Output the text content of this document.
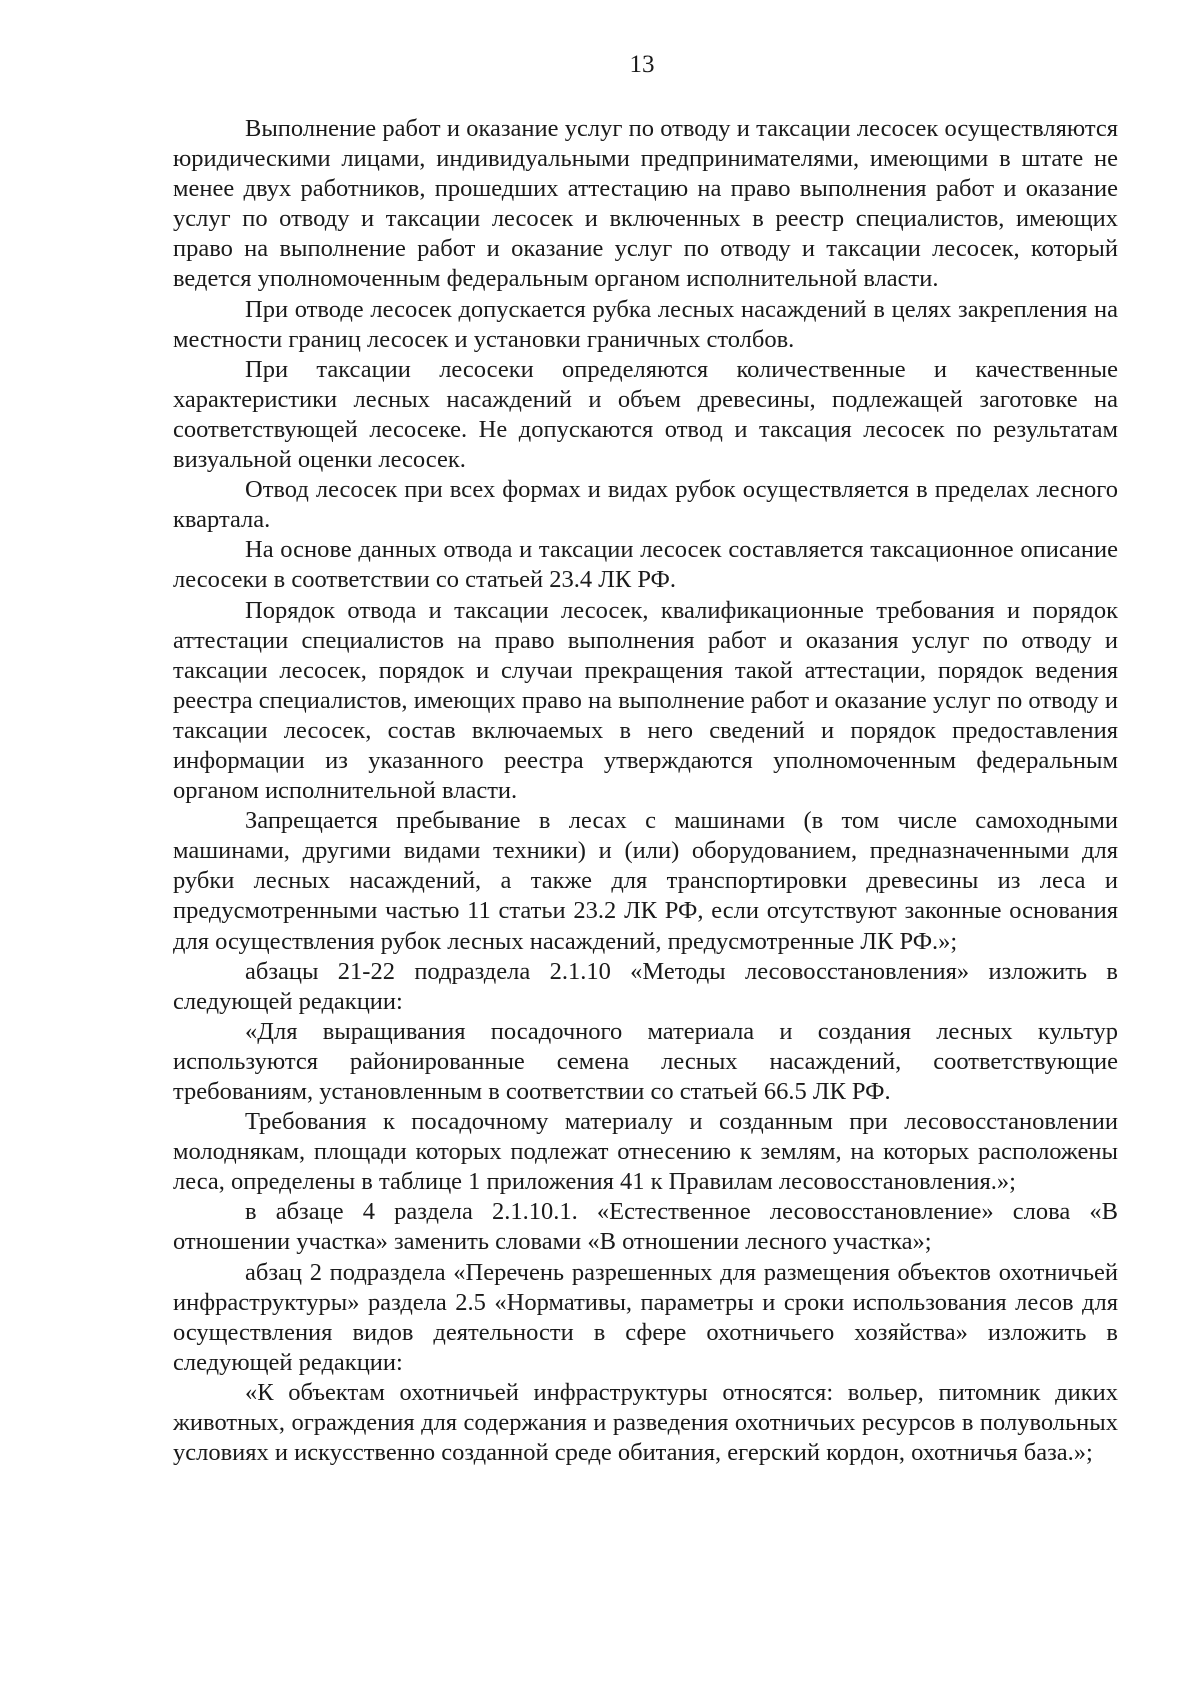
13

Выполнение работ и оказание услуг по отводу и таксации лесосек осуществляются юридическими лицами, индивидуальными предпринимателями, имеющими в штате не менее двух работников, прошедших аттестацию на право выполнения работ и оказание услуг по отводу и таксации лесосек и включенных в реестр специалистов, имеющих право на выполнение работ и оказание услуг по отводу и таксации лесосек, который ведется уполномоченным федеральным органом исполнительной власти.

При отводе лесосек допускается рубка лесных насаждений в целях закрепления на местности границ лесосек и установки граничных столбов.

При таксации лесосеки определяются количественные и качественные характеристики лесных насаждений и объем древесины, подлежащей заготовке на соответствующей лесосеке. Не допускаются отвод и таксация лесосек по результатам визуальной оценки лесосек.

Отвод лесосек при всех формах и видах рубок осуществляется в пределах лесного квартала.

На основе данных отвода и таксации лесосек составляется таксационное описание лесосеки в соответствии со статьей 23.4 ЛК РФ.

Порядок отвода и таксации лесосек, квалификационные требования и порядок аттестации специалистов на право выполнения работ и оказания услуг по отводу и таксации лесосек, порядок и случаи прекращения такой аттестации, порядок ведения реестра специалистов, имеющих право на выполнение работ и оказание услуг по отводу и таксации лесосек, состав включаемых в него сведений и порядок предоставления информации из указанного реестра утверждаются уполномоченным федеральным органом исполнительной власти.

Запрещается пребывание в лесах с машинами (в том числе самоходными машинами, другими видами техники) и (или) оборудованием, предназначенными для рубки лесных насаждений, а также для транспортировки древесины из леса и предусмотренными частью 11 статьи 23.2 ЛК РФ, если отсутствуют законные основания для осуществления рубок лесных насаждений, предусмотренные ЛК РФ.»;

абзацы 21-22 подраздела 2.1.10 «Методы лесовосстановления» изложить в следующей редакции:

«Для выращивания посадочного материала и создания лесных культур используются районированные семена лесных насаждений, соответствующие требованиям, установленным в соответствии со статьей 66.5 ЛК РФ.

Требования к посадочному материалу и созданным при лесовосстановлении молоднякам, площади которых подлежат отнесению к землям, на которых расположены леса, определены в таблице 1 приложения 41 к Правилам лесовосстановления.»;

в абзаце 4 раздела 2.1.10.1. «Естественное лесовосстановление» слова «В отношении участка» заменить словами «В отношении лесного участка»;

абзац 2 подраздела «Перечень разрешенных для размещения объектов охотничьей инфраструктуры» раздела 2.5 «Нормативы, параметры и сроки использования лесов для осуществления видов деятельности в сфере охотничьего хозяйства» изложить в следующей редакции:

«К объектам охотничьей инфраструктуры относятся: вольер, питомник диких животных, ограждения для содержания и разведения охотничьих ресурсов в полувольных условиях и искусственно созданной среде обитания, егерский кордон, охотничья база.»;
